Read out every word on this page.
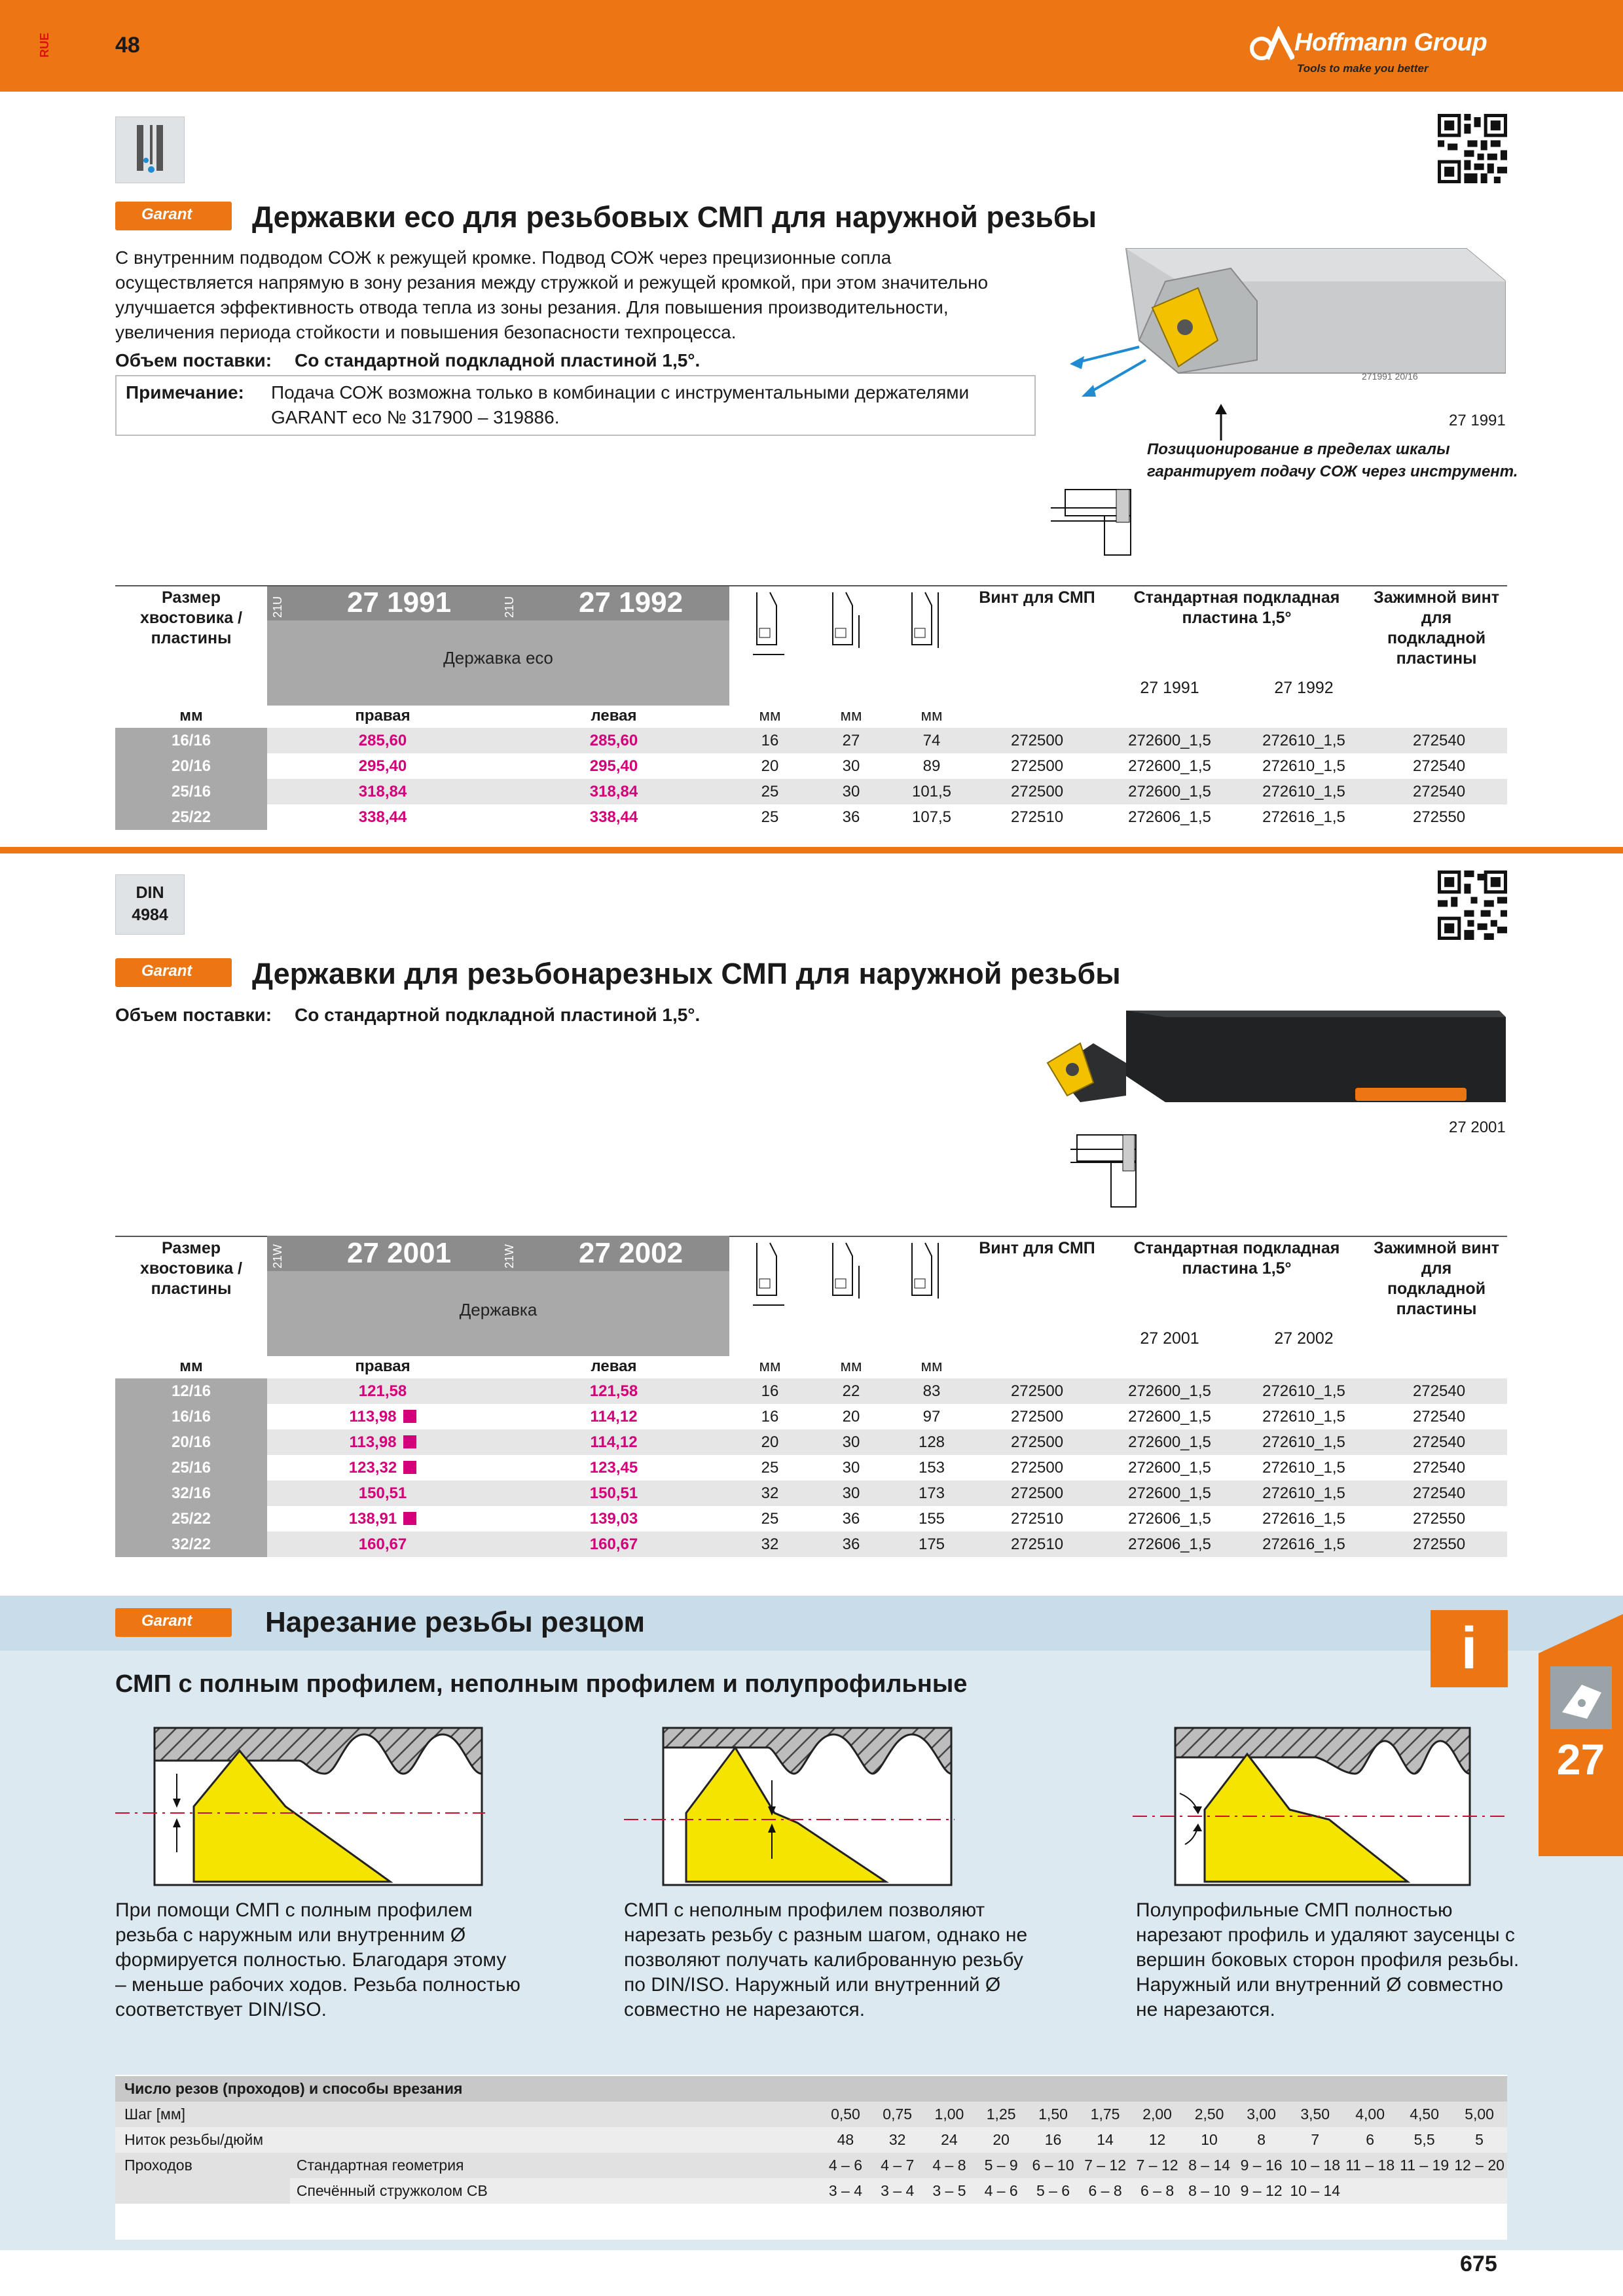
RUE	48	Hoffmann Group
Tools to make you better
Garant Державки eco для резьбовых СМП для наружной резьбы
С внутренним подводом СОЖ к режущей кромке. Подвод СОЖ через прецизионные сопла
осуществляется напрямую в зону резания между стружкой и режущей кромкой, при этом значительно
улучшается эффективность отвода тепла из зоны резания. Для повышения производительности,
увеличения периода стойкости и повышения безопасности техпроцесса.
Объем поставки: Со стандартной подкладной пластиной 1,5°.
Примечание: Подача СОЖ возможна только в комбинации с инструментальными держателями
GARANT eco № 317900 – 319886.
271991 20/16
27 1991
Позиционирование в пределах шкалы
гарантирует подачу СОЖ через инструмент.
Размер хвостовика / пластины
21U 27 1991	21U 27 1992
Державка eco
Винт для СМП	Стандартная подкладная пластина 1,5°
Зажимной винт для подкладной пластины
27 1991	27 1992
мм	правая	левая	мм	мм	мм
16/16	285,60	285,60	16	27	74	272500	272600_1,5	272610_1,5	272540
20/16	295,40	295,40	20	30	89	272500	272600_1,5	272610_1,5	272540
25/16	318,84	318,84	25	30	101,5	272500	272600_1,5	272610_1,5	272540
25/22	338,44	338,44	25	36	107,5	272510	272606_1,5	272616_1,5	272550
DIN 4984
Garant Державки для резьбонарезных СМП для наружной резьбы
Объем поставки: Со стандартной подкладной пластиной 1,5°.
27 2001
Размер хвостовика / пластины
21W 27 2001	21W 27 2002
Державка
Винт для СМП	Стандартная подкладная пластина 1,5°
Зажимной винт для подкладной пластины
27 2001	27 2002
мм	правая	левая	мм	мм	мм
12/16	121,58	121,58	16	22	83	272500	272600_1,5	272610_1,5	272540
16/16	113,98	114,12	16	20	97	272500	272600_1,5	272610_1,5	272540
20/16	113,98	114,12	20	30	128	272500	272600_1,5	272610_1,5	272540
25/16	123,32	123,45	25	30	153	272500	272600_1,5	272610_1,5	272540
32/16	150,51	150,51	32	30	173	272500	272600_1,5	272610_1,5	272540
25/22	138,91	139,03	25	36	155	272510	272606_1,5	272616_1,5	272550
32/22	160,67	160,67	32	36	175	272510	272606_1,5	272616_1,5	272550
Garant	Нарезание резьбы резцом	i
27
СМП с полным профилем, неполным профилем и полупрофильные
При помощи СМП с полным профилем
резьба с наружным или внутренним Ø
формируется полностью. Благодаря этому
– меньше рабочих ходов. Резьба полностью
соответствует DIN/ISO.
СМП с неполным профилем позволяют
нарезать резьбу с разным шагом, однако не
позволяют получать калиброванную резьбу
по DIN/ISO. Наружный или внутренний Ø
совместно не нарезаются.
Полупрофильные СМП полностью
нарезают профиль и удаляют заусенцы с
вершин боковых сторон профиля резьбы.
Наружный или внутренний Ø совместно
не нарезаются.
Число резов (проходов) и способы врезания														
Шаг [мм]		0,50	0,75	1,00	1,25	1,50	1,75	2,00	2,50	3,00	3,50	4,00	4,50	5,00
Ниток резьбы/дюйм		48	32	24	20	16	14	12	10	8	7	6	5,5	5
Проходов	Стандартная геометрия	4 – 6	4 – 7	4 – 8	5 – 9	6 – 10	7 – 12	7 – 12	8 – 14	9 – 16	10 – 18	11 – 18	11 – 19	12 – 20
	Спечённый стружколом CB	3 – 4	3 – 4	3 – 5	4 – 6	5 – 6	6 – 8	6 – 8	8 – 10	9 – 12	10 – 14			
675
